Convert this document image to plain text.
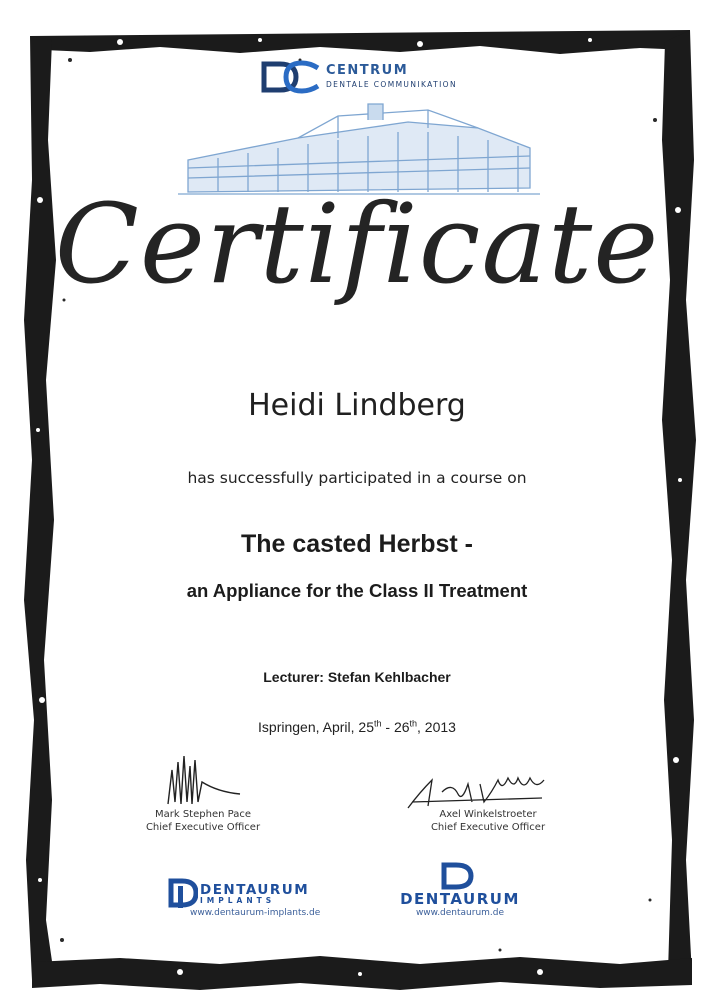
CENTRUM
DENTALE COMMUNIKATION
Certificate
Heidi Lindberg
has successfully participated in a course on
The casted Herbst -
an Appliance for the Class II Treatment
Lecturer: Stefan Kehlbacher
Ispringen, April, 25th - 26th, 2013
Mark Stephen Pace
Chief Executive Officer
Axel Winkelstroeter
Chief Executive Officer
DENTAURUM
IMPLANTS
www.dentaurum-implants.de
DENTAURUM
www.dentaurum.de
